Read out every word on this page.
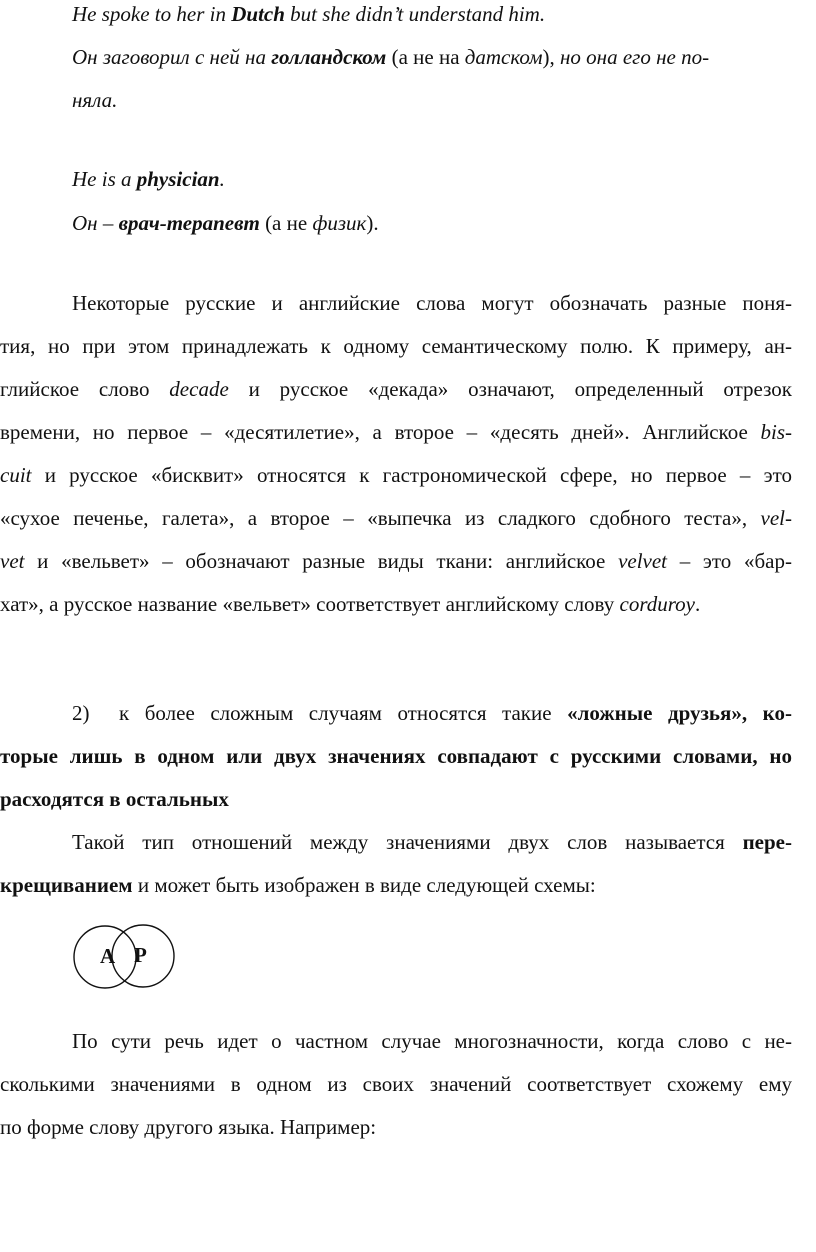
He spoke to her in Dutch but she didn’t understand him.
Он заговорил с ней на голландском (а не на датском), но она его не по-
няла.
He is a physician.
Он – врач-терапевт (а не физик).
Некоторые русские и английские слова могут обозначать разные поня-
тия, но при этом принадлежать к одному семантическому полю. К примеру, ан-
глийское слово decade и русское «декада» означают, определенный отрезок
времени, но первое – «десятилетие», а второе – «десять дней». Английское bis-
cuit и русское «бисквит» относятся к гастрономической сфере, но первое – это
«сухое печенье, галета», а второе – «выпечка из сладкого сдобного теста», vel-
vet и «вельвет» – обозначают разные виды ткани: английское velvet – это «бар-
хат», а русское название «вельвет» соответствует английскому слову corduroy.
2)	к более сложным случаям относятся такие «ложные друзья», ко-
торые лишь в одном или двух значениях совпадают с русскими словами, но
расходятся в остальных
Такой тип отношений между значениями двух слов называется пере-
крещиванием и может быть изображен в виде следующей схемы:
А Р
По сути речь идет о частном случае многозначности, когда слово с не-
сколькими значениями в одном из своих значений соответствует схожему ему
по форме слову другого языка. Например:
